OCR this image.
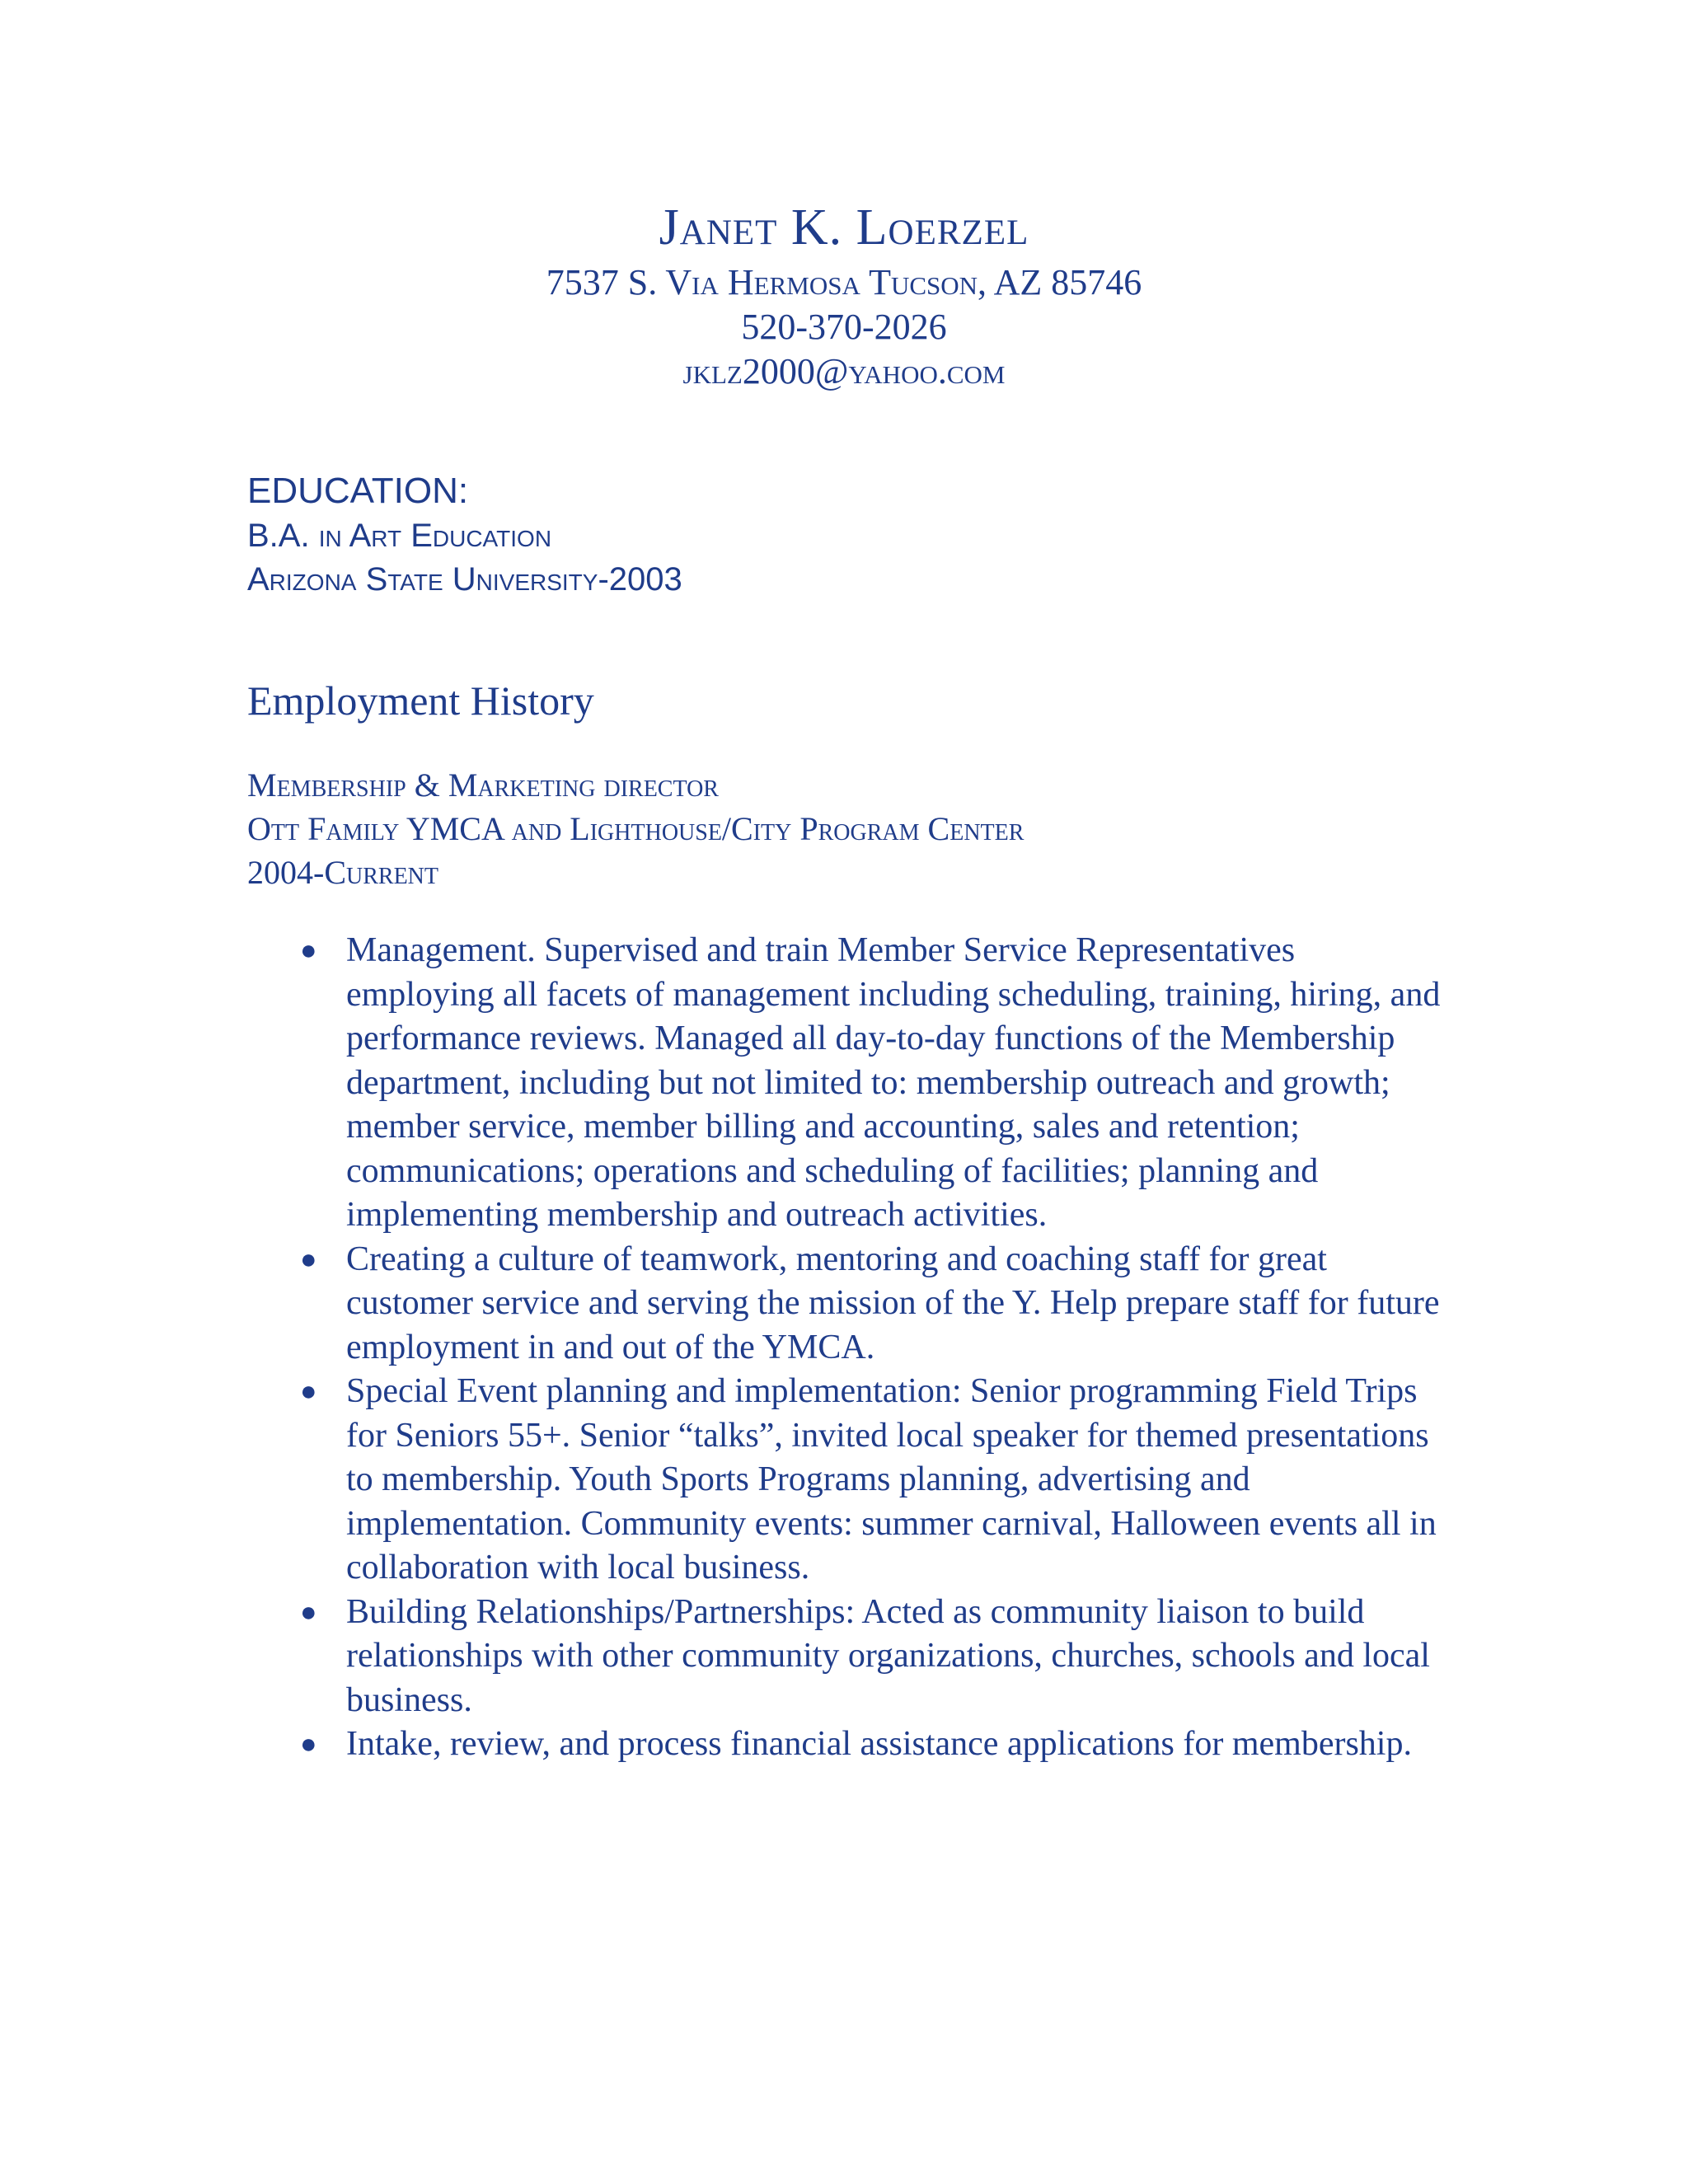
Janet K. Loerzel
7537 S. Via Hermosa Tucson, AZ 85746
520-370-2026
jklz2000@yahoo.com
EDUCATION:
B.A. in Art Education
Arizona State University-2003
Employment History
Membership & Marketing director
Ott Family YMCA and Lighthouse/City Program Center
2004-Current
● Management. Supervised and train Member Service Representatives employing all facets of management including scheduling, training, hiring, and performance reviews. Managed all day-to-day functions of the Membership department, including but not limited to: membership outreach and growth; member service, member billing and accounting, sales and retention; communications; operations and scheduling of facilities; planning and implementing membership and outreach activities.
● Creating a culture of teamwork, mentoring and coaching staff for great customer service and serving the mission of the Y. Help prepare staff for future employment in and out of the YMCA.
● Special Event planning and implementation: Senior programming Field Trips for Seniors 55+. Senior “talks”, invited local speaker for themed presentations to membership. Youth Sports Programs planning, advertising and implementation. Community events: summer carnival, Halloween events all in collaboration with local business.
● Building Relationships/Partnerships: Acted as community liaison to build relationships with other community organizations, churches, schools and local business.
● Intake, review, and process financial assistance applications for membership.
